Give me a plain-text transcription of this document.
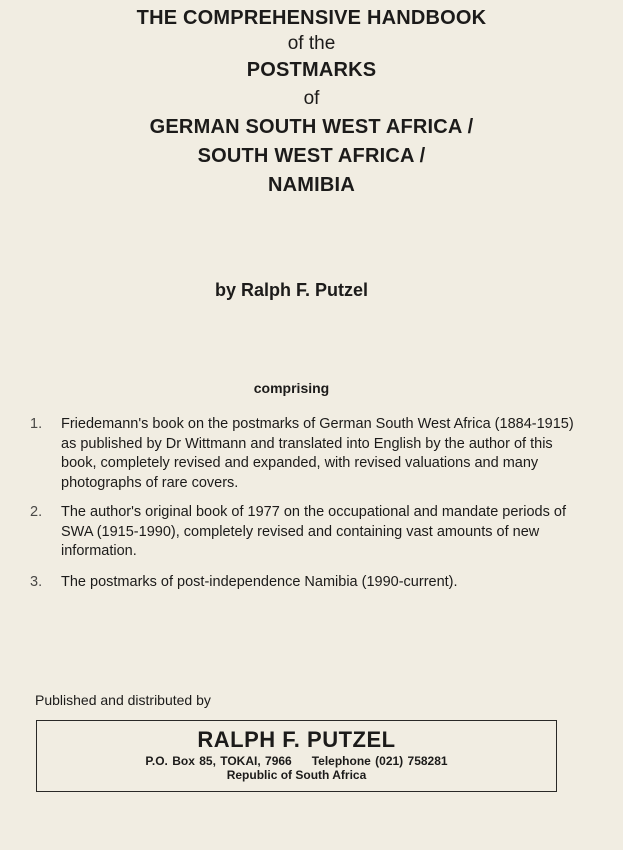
THE COMPREHENSIVE HANDBOOK
of the
POSTMARKS
of
GERMAN SOUTH WEST AFRICA /
SOUTH WEST AFRICA /
NAMIBIA
by Ralph F. Putzel
comprising
1. Friedemann's book on the postmarks of German South West Africa (1884-1915) as published by Dr Wittmann and translated into English by the author of this book, completely revised and expanded, with revised valuations and many photographs of rare covers.
2. The author's original book of 1977 on the occupational and mandate periods of SWA (1915-1990), completely revised and containing vast amounts of new information.
3. The postmarks of post-independence Namibia (1990-current).
Published and distributed by
RALPH F. PUTZEL
P.O. Box 85, TOKAI, 7966 Telephone (021) 758281
Republic of South Africa
